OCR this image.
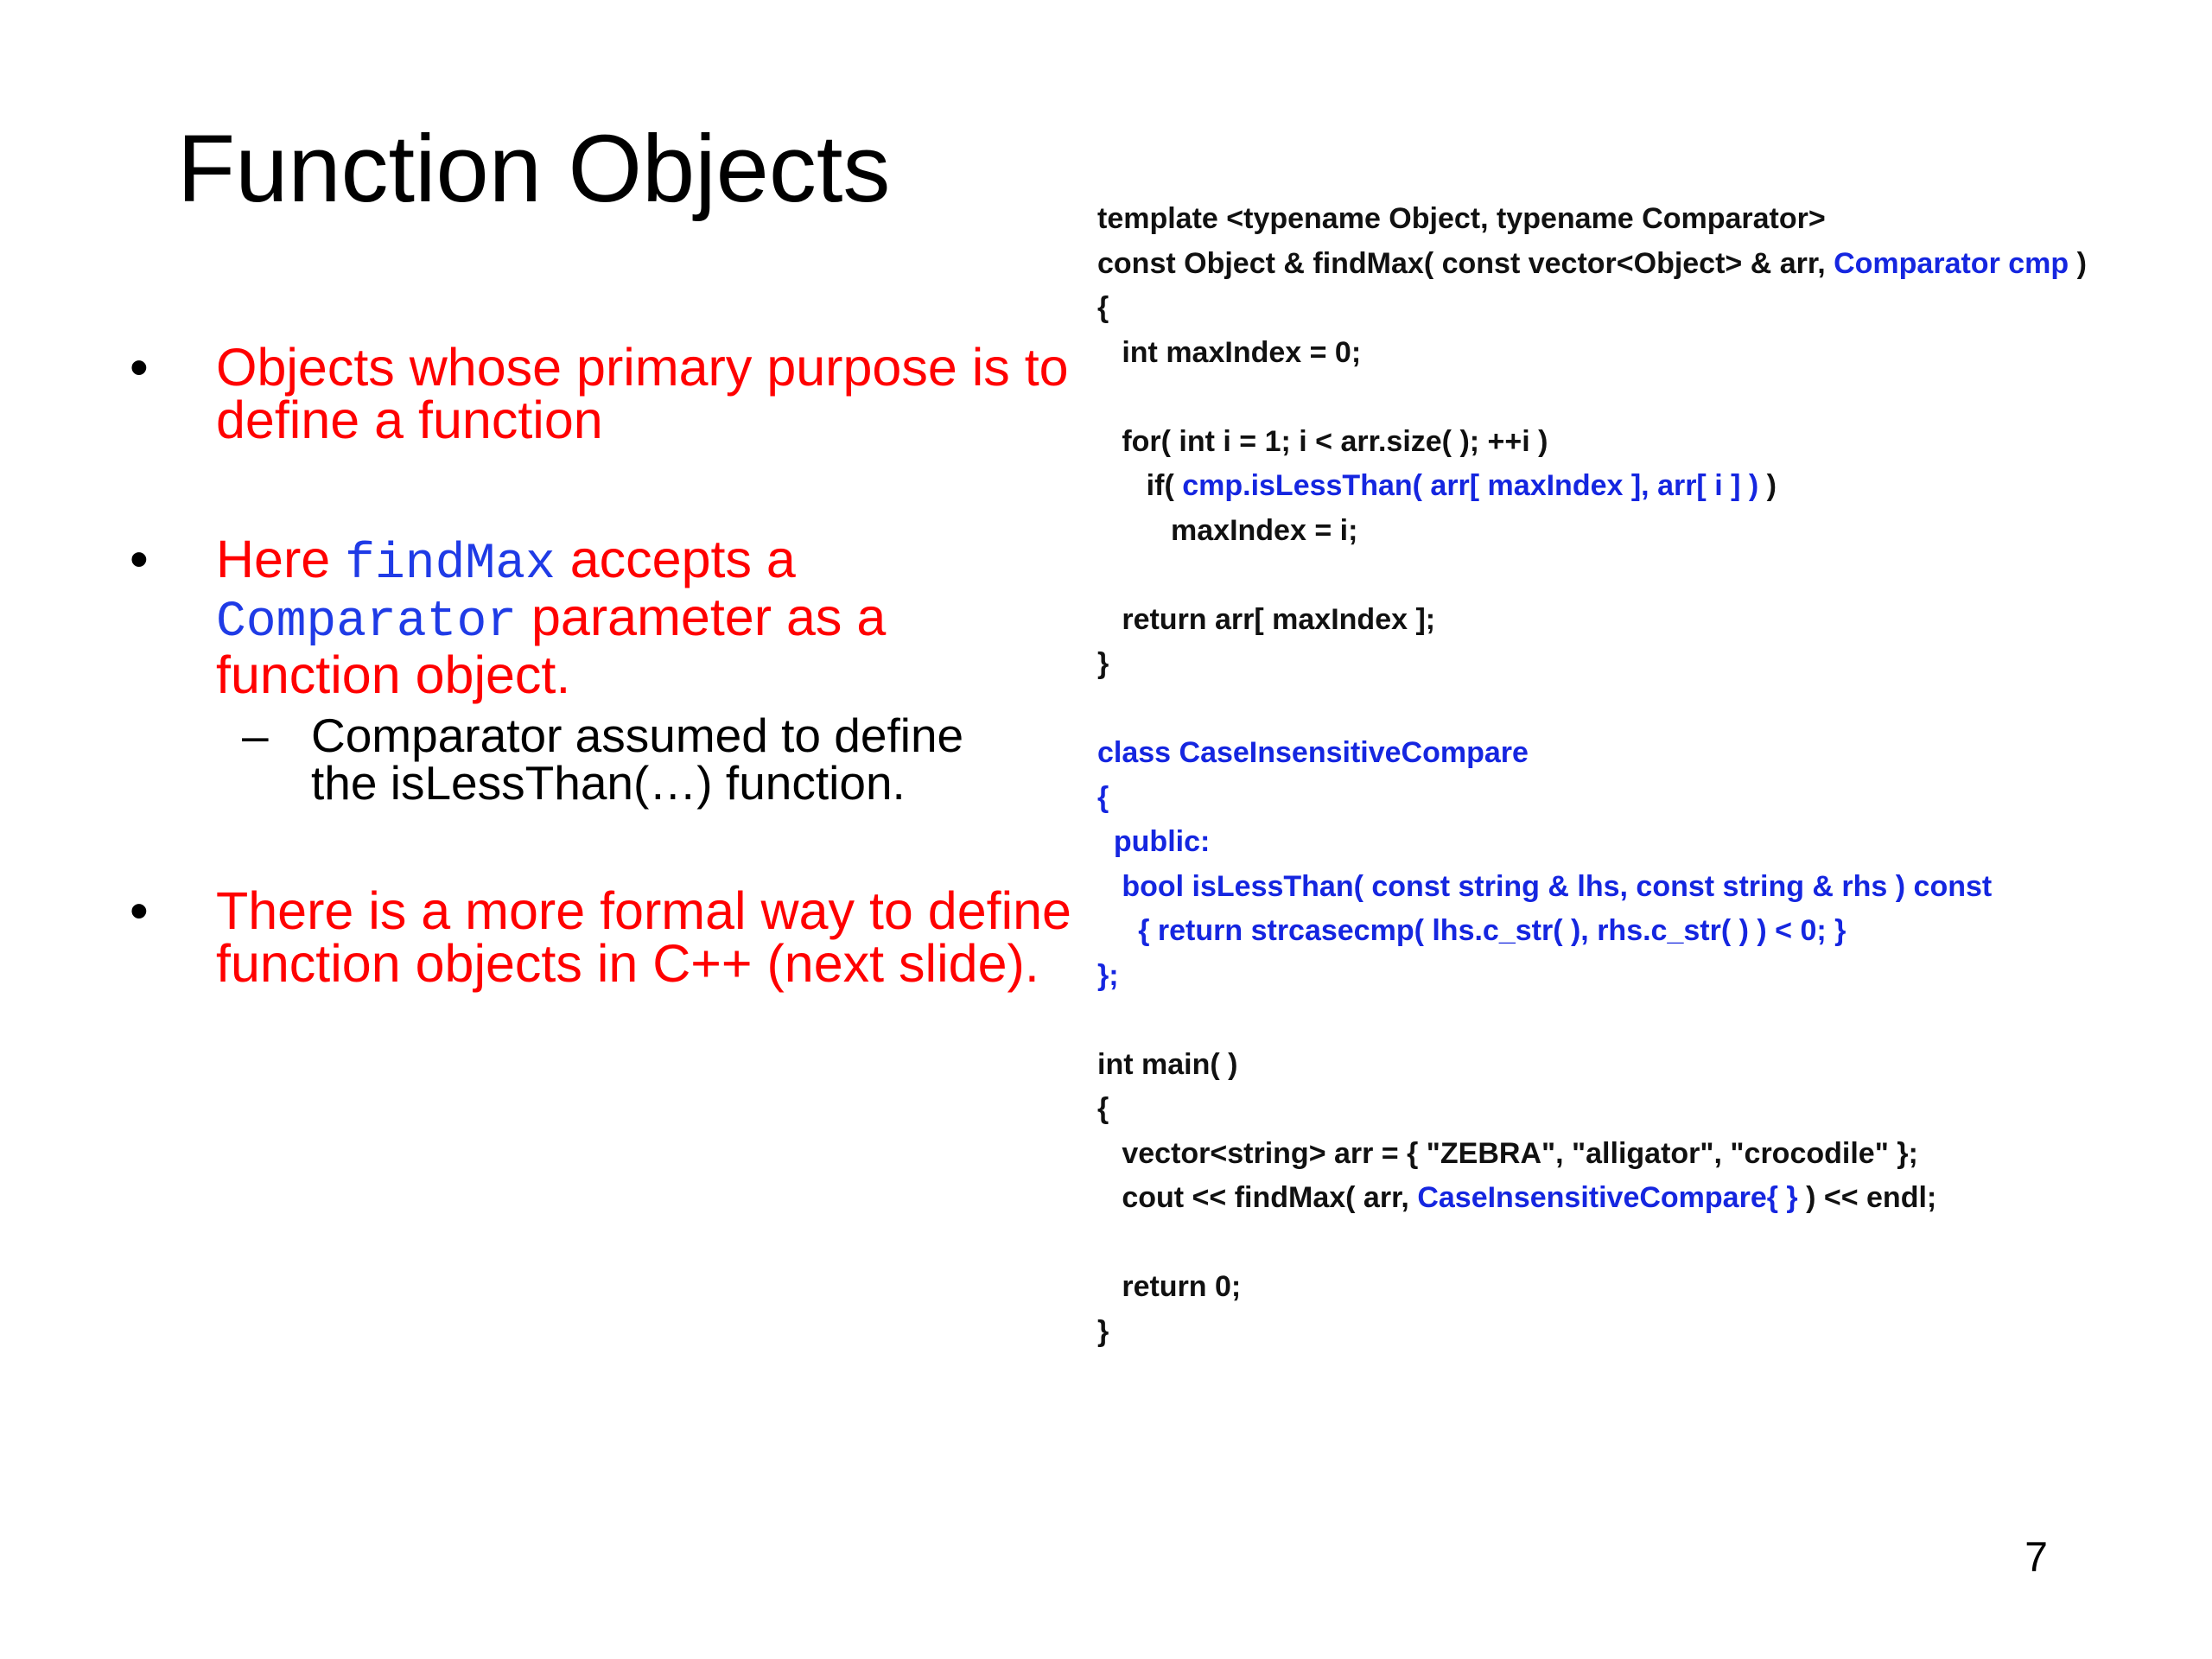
Function Objects
• Objects whose primary purpose is to define a function
• Here findMax accepts a Comparator parameter as a function object.
– Comparator assumed to define
the isLessThan(…) function.
• There is a more formal way to define function objects in C++ (next slide).
template <typename Object, typename Comparator>
const Object & findMax( const vector<Object> & arr, Comparator cmp )
{
int maxIndex = 0;
for( int i = 1; i < arr.size( ); ++i )
if( cmp.isLessThan( arr[ maxIndex ], arr[ i ] ) )
maxIndex = i;
return arr[ maxIndex ];
}
class CaseInsensitiveCompare
{
public:
bool isLessThan( const string & lhs, const string & rhs ) const
{ return strcasecmp( lhs.c_str( ), rhs.c_str( ) ) < 0; }
};
int main( )
{
vector<string> arr = { "ZEBRA", "alligator", "crocodile" };
cout << findMax( arr, CaseInsensitiveCompare{ } ) << endl;
return 0;
}
7
